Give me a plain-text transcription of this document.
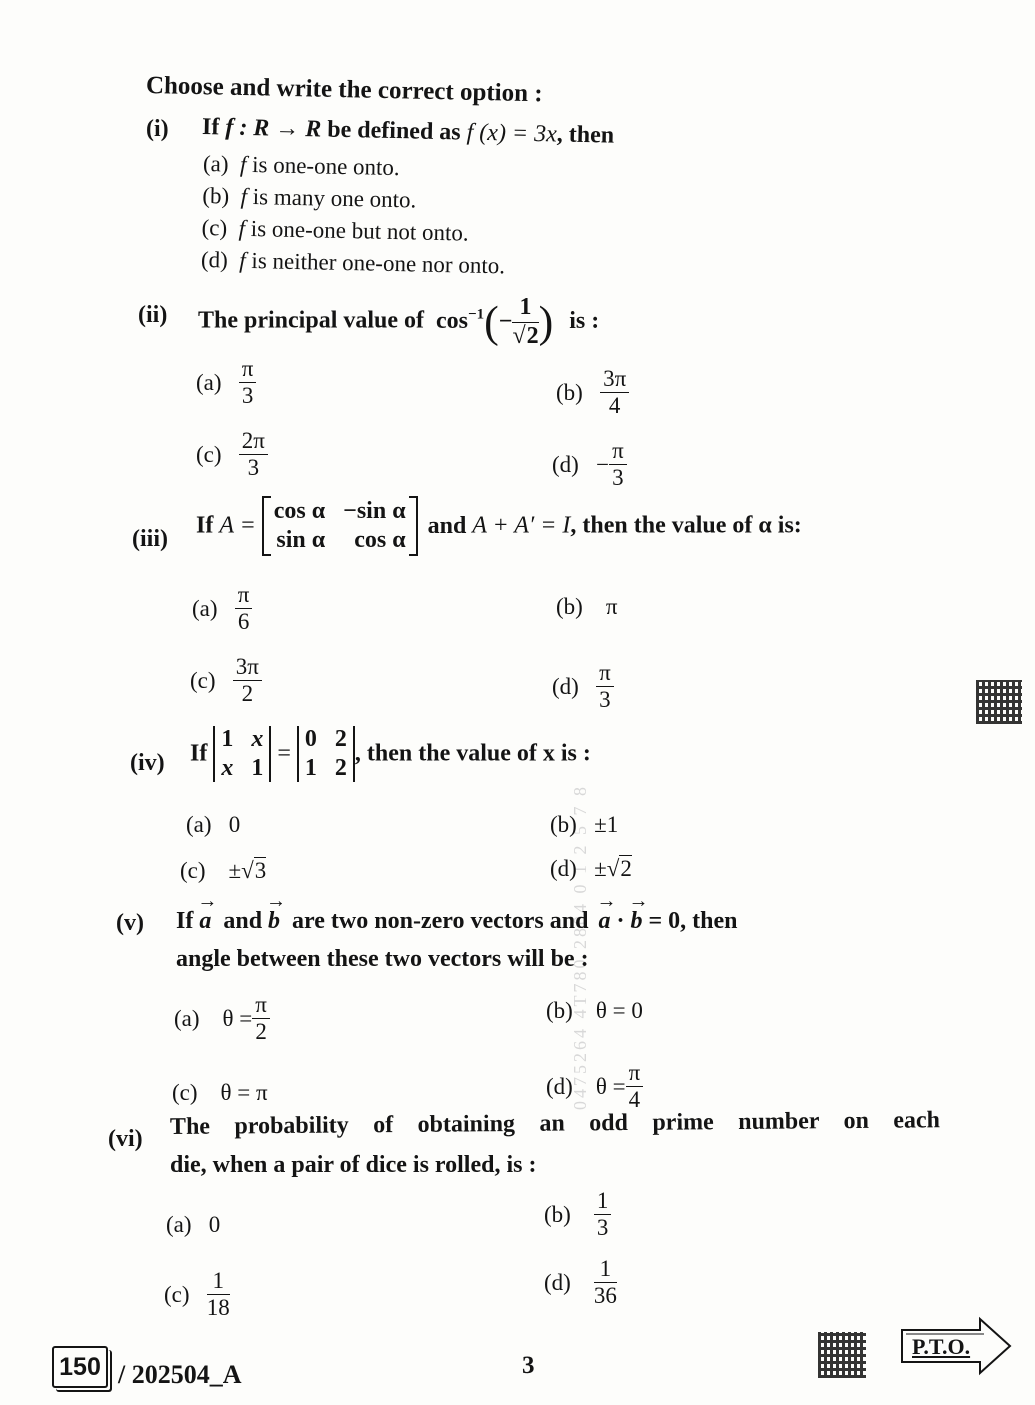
0475264 4T780 2804 0 1 2 5 7 8
Choose and write the correct option :
(i) If f : R → R be defined as f (x) = 3x, then
(a) f is one-one onto.
(b) f is many one onto.
(c) f is one-one but not onto.
(d) f is neither one-one nor onto.
(ii) The principal value of $\cos^{-1}(- \frac{1}{√2}$ ) is :
$(a) \frac{\pi}{3}$	$(b) \frac{3\pi}{4}$
$(c) \frac{2\pi}{3}$	$(d) - \frac{\pi}{3}$
(iii)
If A =
cos α −sin α
sin α	cos α
and A + A′ = I, then the value of α is:
$(a) \frac{\pi}{6}$	(b) π
$(c) \frac{3\pi}{2}$	$(d) \frac{\pi}{3}$
(iv) If
1 x
x 1
=
0 2
1 2
, then the value of x is :
(a) 0	(b) ±1
(c) ±√3	(d) ±√2
(v) If → a and → b are two non-zero vectors and → a · → b = 0, then
angle between these two vectors will be :
(a) $\theta = \frac{\pi}{2}$	(b) θ = 0
(c) θ = π	(d) $\theta = \frac{\pi}{4}$
(vi) The probability of obtaining an odd prime number on each
die, when a pair of dice is rolled, is :
(a) 0	$(b) \frac{1}{3}$
$(c) \frac{1}{18}$	$(d) \frac{1}{36}$
150 / 202504_A	3
P.T.O.
